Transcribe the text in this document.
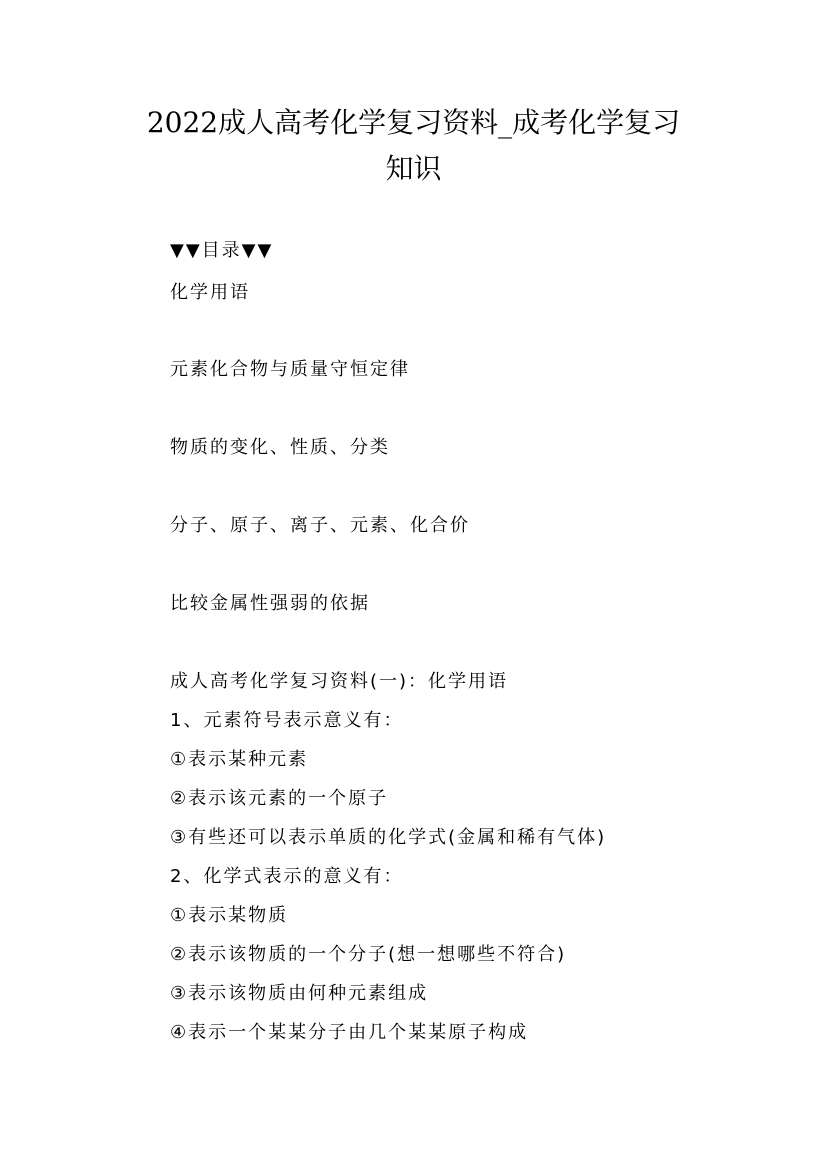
2022成人高考化学复习资料_成考化学复习
知识
▼▼目录▼▼
化学用语
元素化合物与质量守恒定律
物质的变化、性质、分类
分子、原子、离子、元素、化合价
比较金属性强弱的依据
成人高考化学复习资料(一)：化学用语
1、元素符号表示意义有：
①表示某种元素
②表示该元素的一个原子
③有些还可以表示单质的化学式(金属和稀有气体)
2、化学式表示的意义有：
①表示某物质
②表示该物质的一个分子(想一想哪些不符合)
③表示该物质由何种元素组成
④表示一个某某分子由几个某某原子构成
